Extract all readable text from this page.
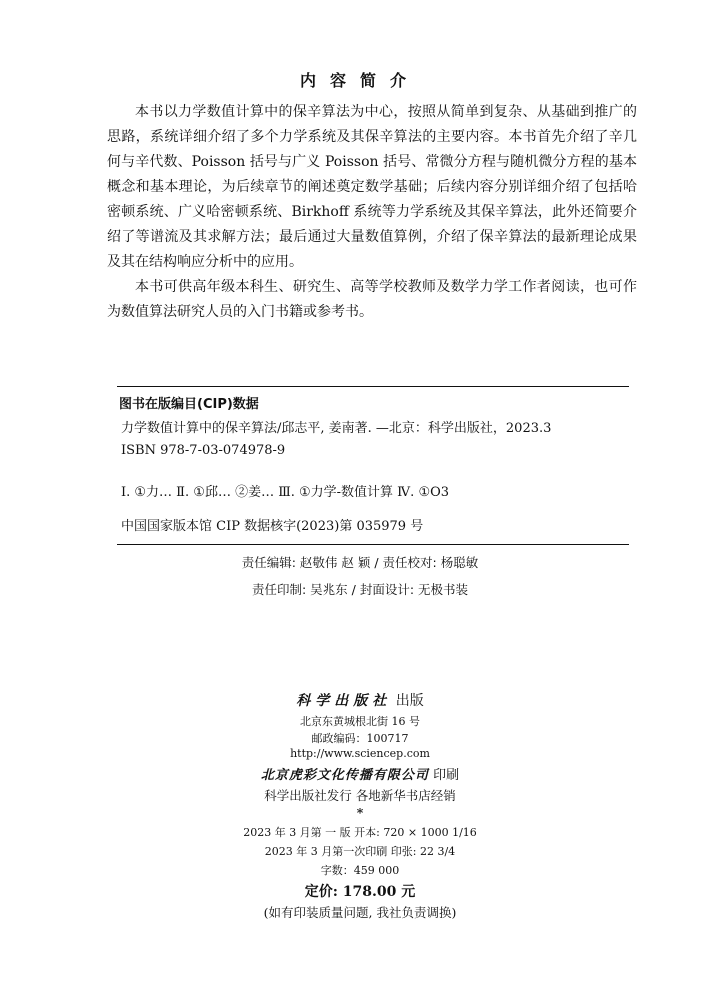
内容简介

本书以力学数值计算中的保辛算法为中心，按照从简单到复杂、从基础到推广的思路，系统详细介绍了多个力学系统及其保辛算法的主要内容。本书首先介绍了辛几何与辛代数、Poisson 括号与广义 Poisson 括号、常微分方程与随机微分方程的基本概念和基本理论，为后续章节的阐述奠定数学基础；后续内容分别详细介绍了包括哈密顿系统、广义哈密顿系统、Birkhoff 系统等力学系统及其保辛算法，此外还简要介绍了等谱流及其求解方法；最后通过大量数值算例，介绍了保辛算法的最新理论成果及其在结构响应分析中的应用。

本书可供高年级本科生、研究生、高等学校教师及数学力学工作者阅读，也可作为数值算法研究人员的入门书籍或参考书。

图书在版编目(CIP)数据
力学数值计算中的保辛算法/邱志平, 姜南著. —北京：科学出版社，2023.3
ISBN 978-7-03-074978-9
Ⅰ. ①力… Ⅱ. ①邱… ②姜… Ⅲ. ①力学-数值计算 Ⅳ. ①O3
中国国家版本馆 CIP 数据核字(2023)第 035979 号
责任编辑: 赵敬伟 赵 颖 / 责任校对: 杨聪敏
责任印制: 吴兆东 / 封面设计: 无极书装
科学出版社 出版
北京东黄城根北街 16 号
邮政编码：100717
http://www.sciencep.com
北京虎彩文化传播有限公司 印刷
科学出版社发行 各地新华书店经销
*
2023 年 3 月第 一 版 开本: 720 × 1000 1/16
2023 年 3 月第一次印刷 印张: 22 3/4
字数：459 000
定价: 178.00 元
(如有印装质量问题, 我社负责调换)
